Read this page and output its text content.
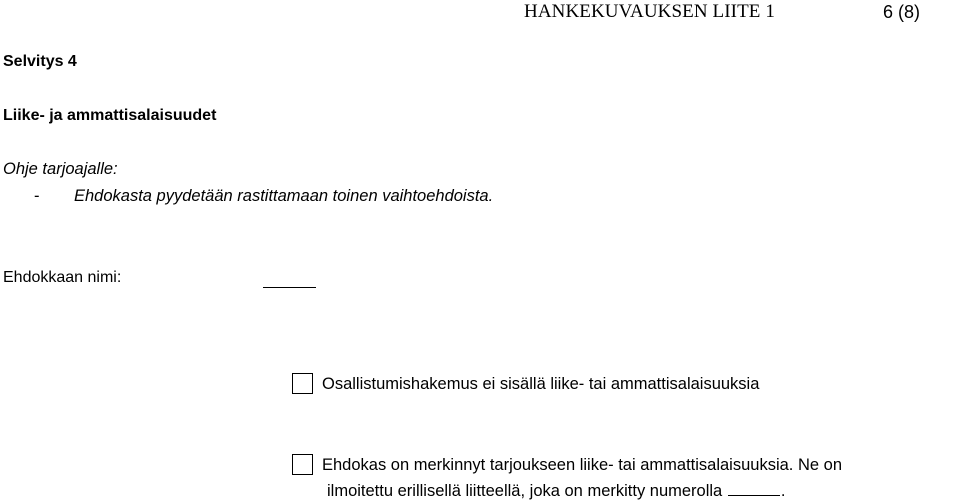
HANKEKUVAUKSEN LIITE 1	6 (8)
Selvitys 4
Liike- ja ammattisalaisuudet
Ohje tarjoajalle:
- Ehdokasta pyydetään rastittamaan toinen vaihtoehdoista.
Ehdokkaan nimi:
Osallistumishakemus ei sisällä liike- tai ammattisalaisuuksia
Ehdokas on merkinnyt tarjoukseen liike- tai ammattisalaisuuksia. Ne on
ilmoitettu erillisellä liitteellä, joka on merkitty numerolla	.
